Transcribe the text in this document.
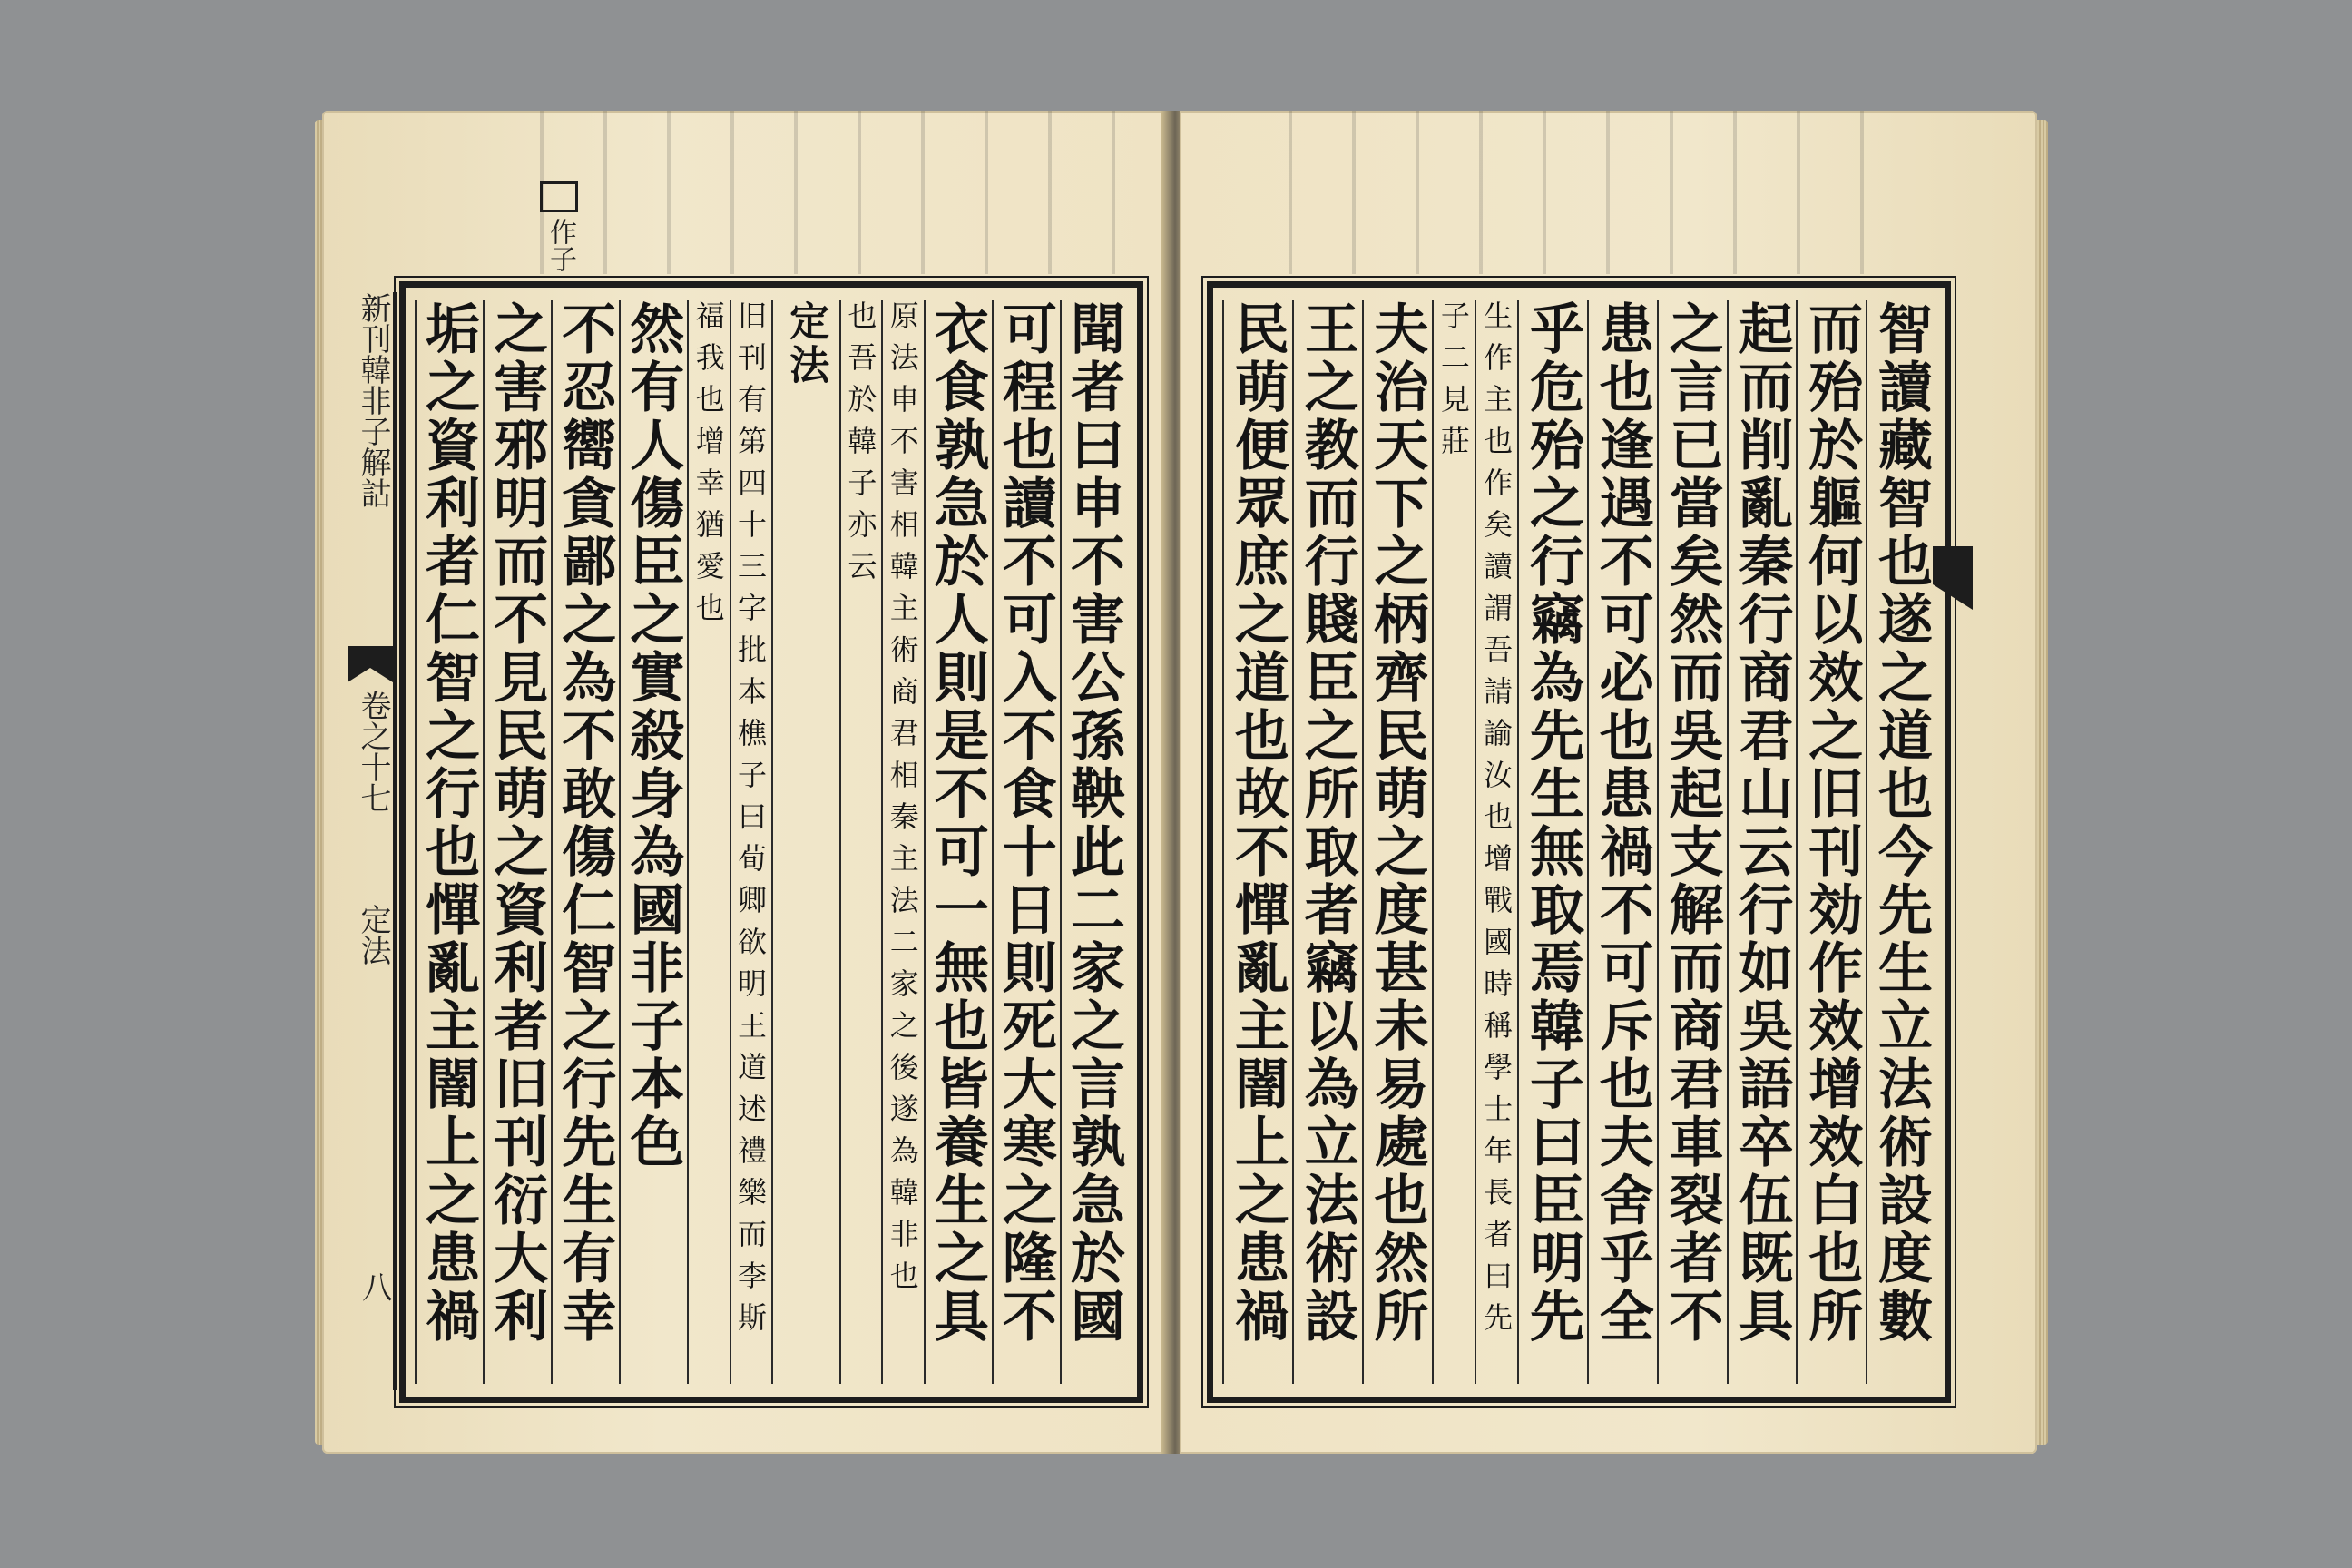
作子
新刊韓非子解詁  卷之十七  定法
八
聞者曰申不害公孫鞅此二家之言孰急於國
可程也讀不可入不食十日則死大寒之隆不
衣食孰急於人則是不可一無也皆養生之具
原法申不害相韓主術商君相秦主法二家之後遂為韓非也
也吾於韓子亦云
定法
旧刊有第四十三字批本樵子曰荀卿欲明王道述禮樂而李斯
福我也增幸猶愛也
然有人傷臣之實殺身為國非子本色
不忍嚮貪鄙之為不敢傷仁智之行先生有幸
之害邪明而不見民萌之資利者旧刊衍大利
垢之資利者仁智之行也憚亂主闇上之患禍
智讀藏智也遂之道也今先生立法術設度數
而殆於軀何以效之旧刊効作效增效白也所
起而削亂秦行商君山云行如吳語卒伍既具
之言已當矣然而吳起支解而商君車裂者不
患也逢遇不可必也患禍不可斥也夫舍乎全
乎危殆之行竊為先生無取焉韓子曰臣明先
生作主也作矣讀謂吾請諭汝也增戰國時稱學士年長者曰先
子二見莊
夫治天下之柄齊民萌之度甚未易處也然所
王之教而行賤臣之所取者竊以為立法術設
民萌便眾庶之道也故不憚亂主闇上之患禍
